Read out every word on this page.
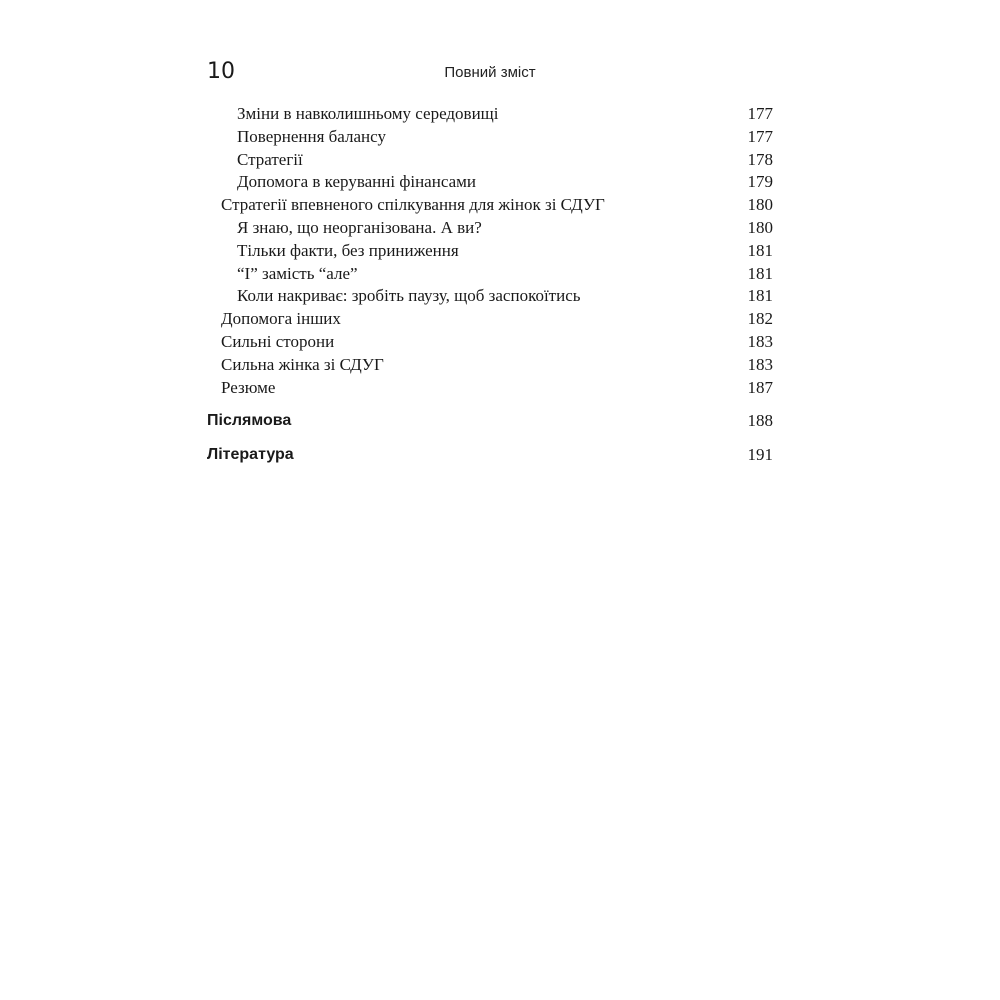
10	Повний зміст
Зміни в навколишньому середовищі	177
Повернення балансу	177
Стратегії	178
Допомога в керуванні фінансами	179
Стратегії впевненого спілкування для жінок зі СДУГ	180
Я знаю, що неорганізована. А ви?	180
Тільки факти, без приниження	181
“І” замість “але”	181
Коли накриває: зробіть паузу, щоб заспокоїтись	181
Допомога інших	182
Сильні сторони	183
Сильна жінка зі СДУГ	183
Резюме	187
Післямова	188
Література	191
